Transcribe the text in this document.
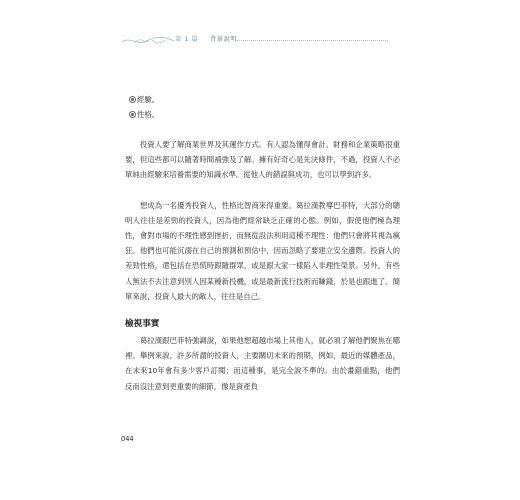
第 1 篇 背景說明
經驗。
性格。

　　投資人要了解商業世界及其運作方式。有人認為懂得會計、財務和企業策略很重要，但這些都可以隨著時間補強及了解。擁有好奇心是先決條件，不過，投資人不必單純由經驗來培養需要的知識水準。從他人的錯誤與成功，也可以學到許多。

　　想成為一名優秀投資人，性格比智商來得重要。葛拉漢教導巴菲特，大部分的聰明人往往是差勁的投資人，因為他們經常缺乏正確的心態。例如，假使他們極為理性，會對市場的不理性感到挫折，而無從設法利用這種不理性：他們只會將其視為瘋狂。他們也可能沉溺在自己的預測和預估中，因而忽略了要建立安全邊際。投資人的差勁性格，還包括在恐慌時跟隨群眾，或是跟大家一樣陷入非理性榮景。另外，有些人無法不去注意到別人因某種新投機，或是最新流行技術而賺錢，於是也跟進了。簡單來說，投資人最大的敵人，往往是自己。

檢視事實

　　葛拉漢跟巴菲特強調說，如果他想超越市場上其他人，就必須了解他們聚焦在哪裡。舉例來說，許多所謂的投資人，主要關切未來的預期，例如，最近的媒體產品，在未來10年會有多少客戶訂閱；而這種事，是完全說不準的。由於畫錯重點，他們反而沒注意到更重要的細節，像是資產負

044
